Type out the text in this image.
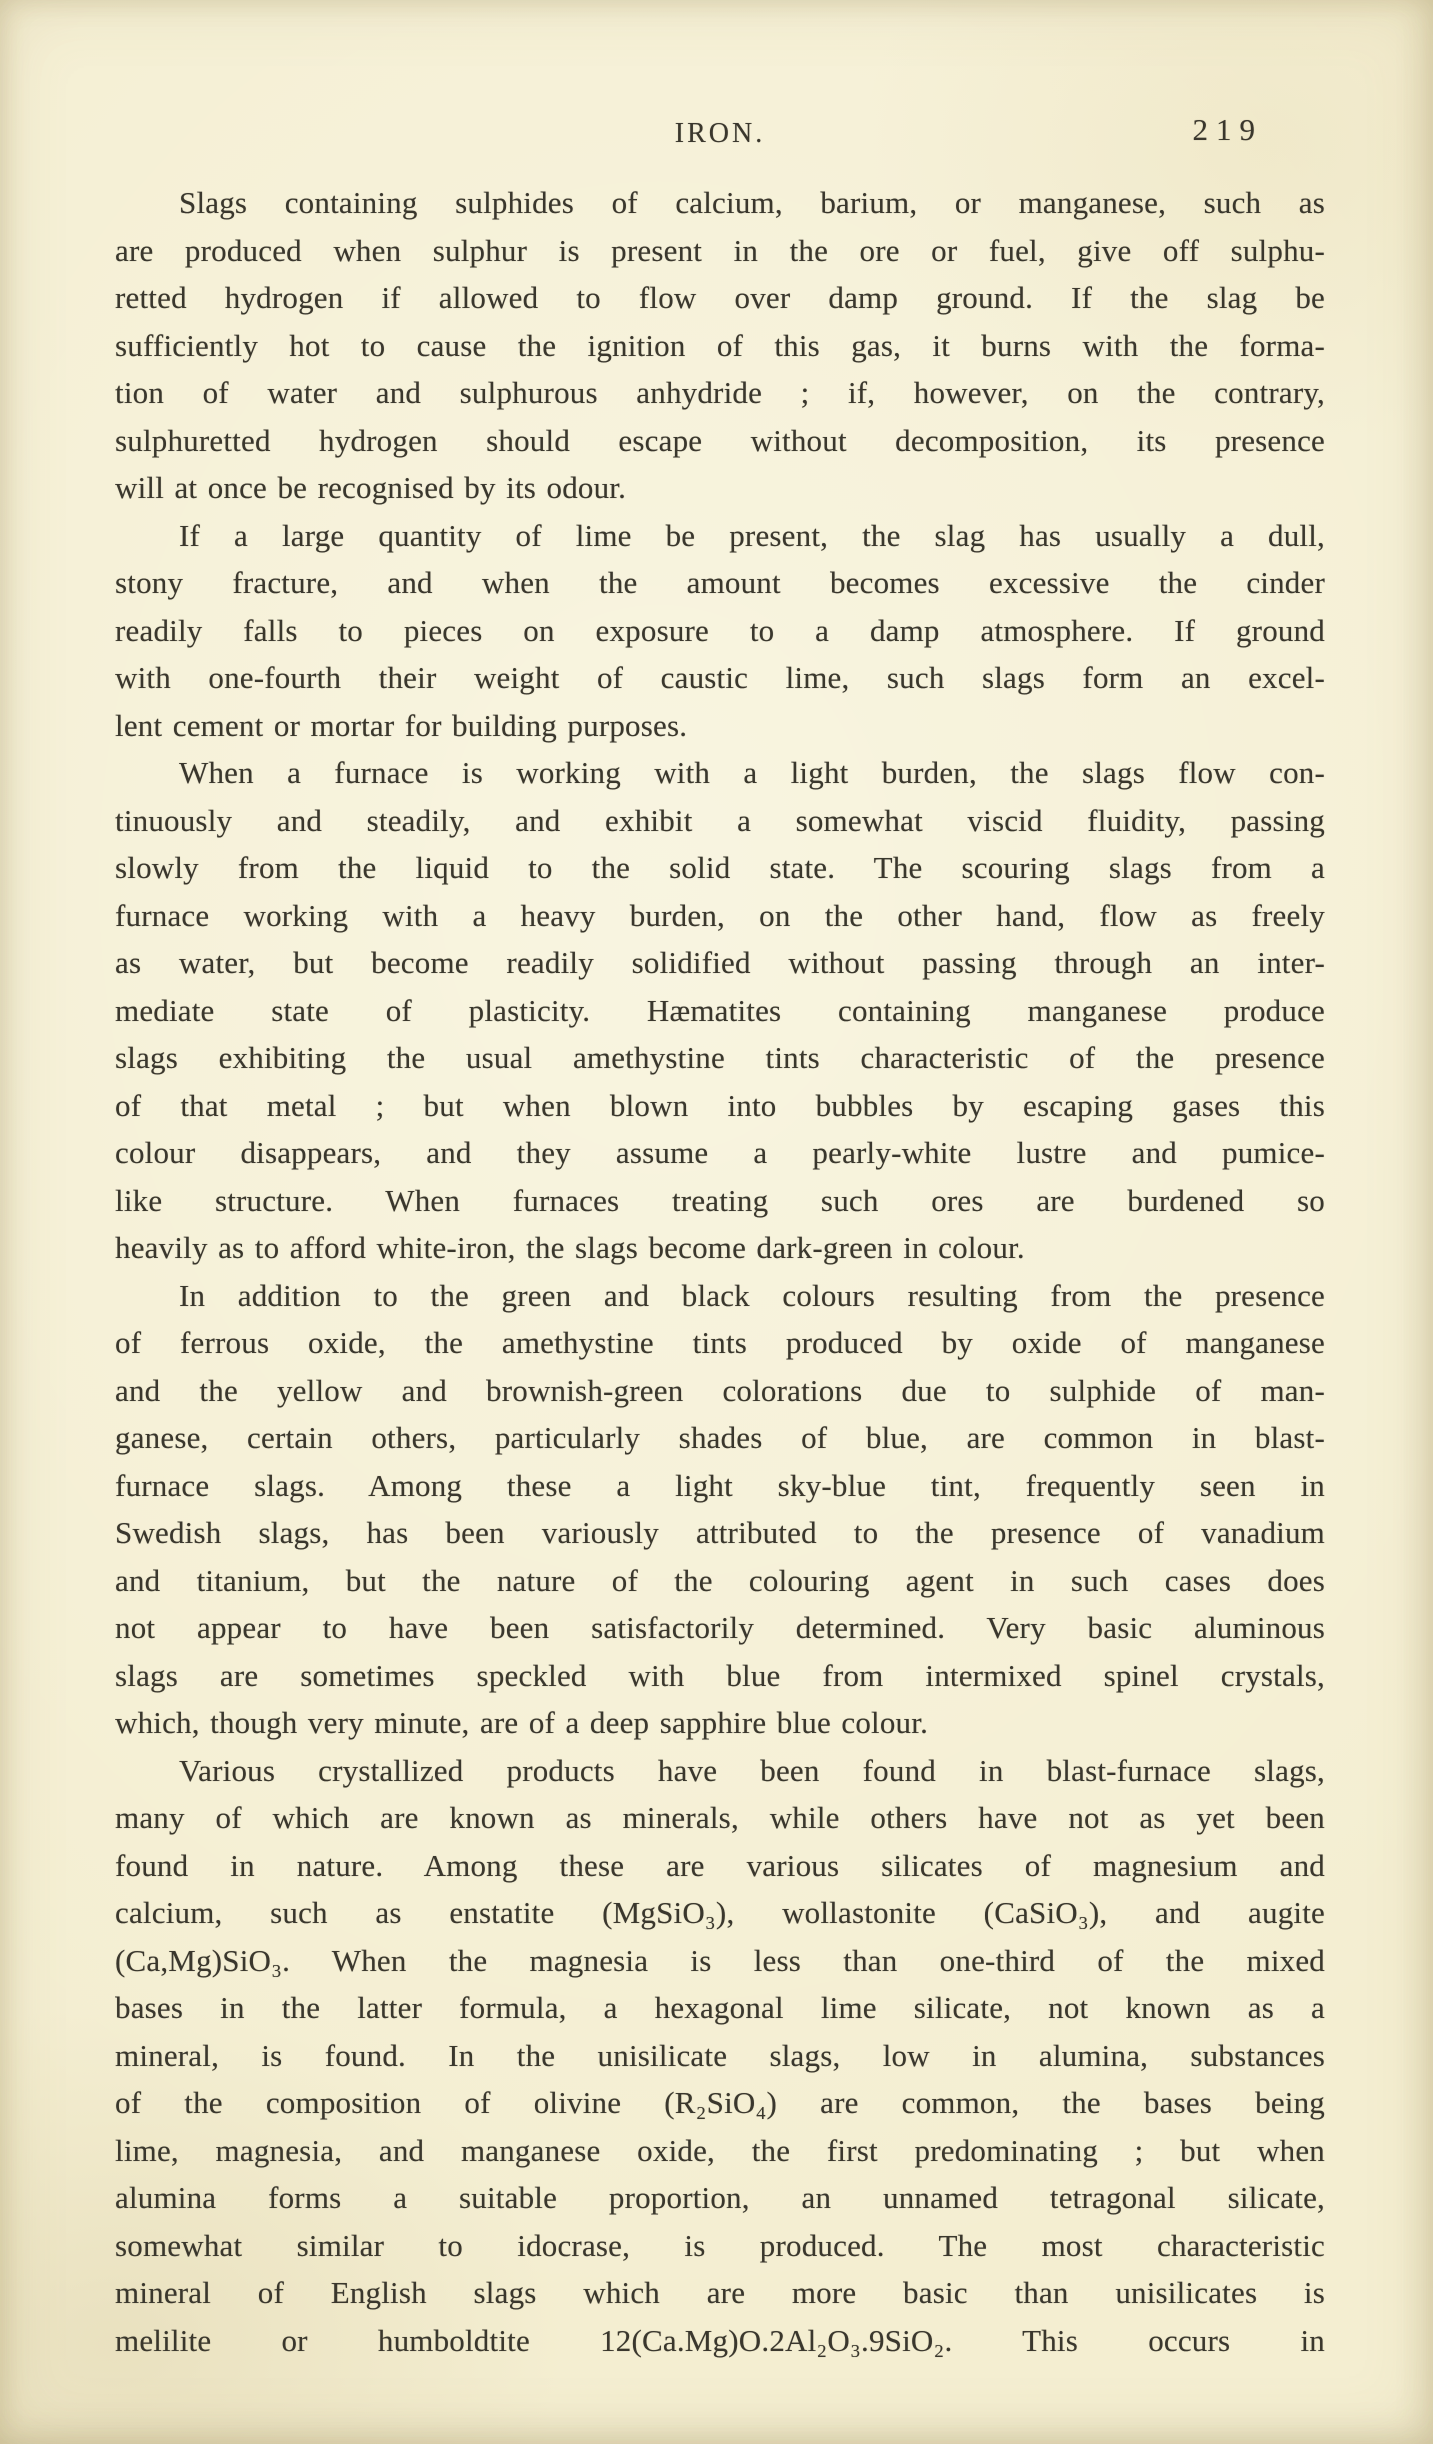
IRON.	219
Slags containing sulphides of calcium, barium, or manganese, such as
are produced when sulphur is present in the ore or fuel, give off sulphu-
retted hydrogen if allowed to flow over damp ground. If the slag be
sufficiently hot to cause the ignition of this gas, it burns with the forma-
tion of water and sulphurous anhydride ; if, however, on the contrary,
sulphuretted hydrogen should escape without decomposition, its presence
will at once be recognised by its odour.
If a large quantity of lime be present, the slag has usually a dull,
stony fracture, and when the amount becomes excessive the cinder
readily falls to pieces on exposure to a damp atmosphere. If ground
with one-fourth their weight of caustic lime, such slags form an excel-
lent cement or mortar for building purposes.
When a furnace is working with a light burden, the slags flow con-
tinuously and steadily, and exhibit a somewhat viscid fluidity, passing
slowly from the liquid to the solid state. The scouring slags from a
furnace working with a heavy burden, on the other hand, flow as freely
as water, but become readily solidified without passing through an inter-
mediate state of plasticity. Hæmatites containing manganese produce
slags exhibiting the usual amethystine tints characteristic of the presence
of that metal ; but when blown into bubbles by escaping gases this
colour disappears, and they assume a pearly-white lustre and pumice-
like structure. When furnaces treating such ores are burdened so
heavily as to afford white-iron, the slags become dark-green in colour.
In addition to the green and black colours resulting from the presence
of ferrous oxide, the amethystine tints produced by oxide of manganese
and the yellow and brownish-green colorations due to sulphide of man-
ganese, certain others, particularly shades of blue, are common in blast-
furnace slags. Among these a light sky-blue tint, frequently seen in
Swedish slags, has been variously attributed to the presence of vanadium
and titanium, but the nature of the colouring agent in such cases does
not appear to have been satisfactorily determined. Very basic aluminous
slags are sometimes speckled with blue from intermixed spinel crystals,
which, though very minute, are of a deep sapphire blue colour.
Various crystallized products have been found in blast-furnace slags,
many of which are known as minerals, while others have not as yet been
found in nature. Among these are various silicates of magnesium and
calcium, such as enstatite (MgSiO₃), wollastonite (CaSiO₃), and augite
(Ca,Mg)SiO₃. When the magnesia is less than one-third of the mixed
bases in the latter formula, a hexagonal lime silicate, not known as a
mineral, is found. In the unisilicate slags, low in alumina, substances
of the composition of olivine (R₂SiO₄) are common, the bases being
lime, magnesia, and manganese oxide, the first predominating ; but when
alumina forms a suitable proportion, an unnamed tetragonal silicate,
somewhat similar to idocrase, is produced. The most characteristic
mineral of English slags which are more basic than unisilicates is
melilite or humboldtite 12(Ca.Mg)O.2Al₂O₃.9SiO₂. This occurs in
